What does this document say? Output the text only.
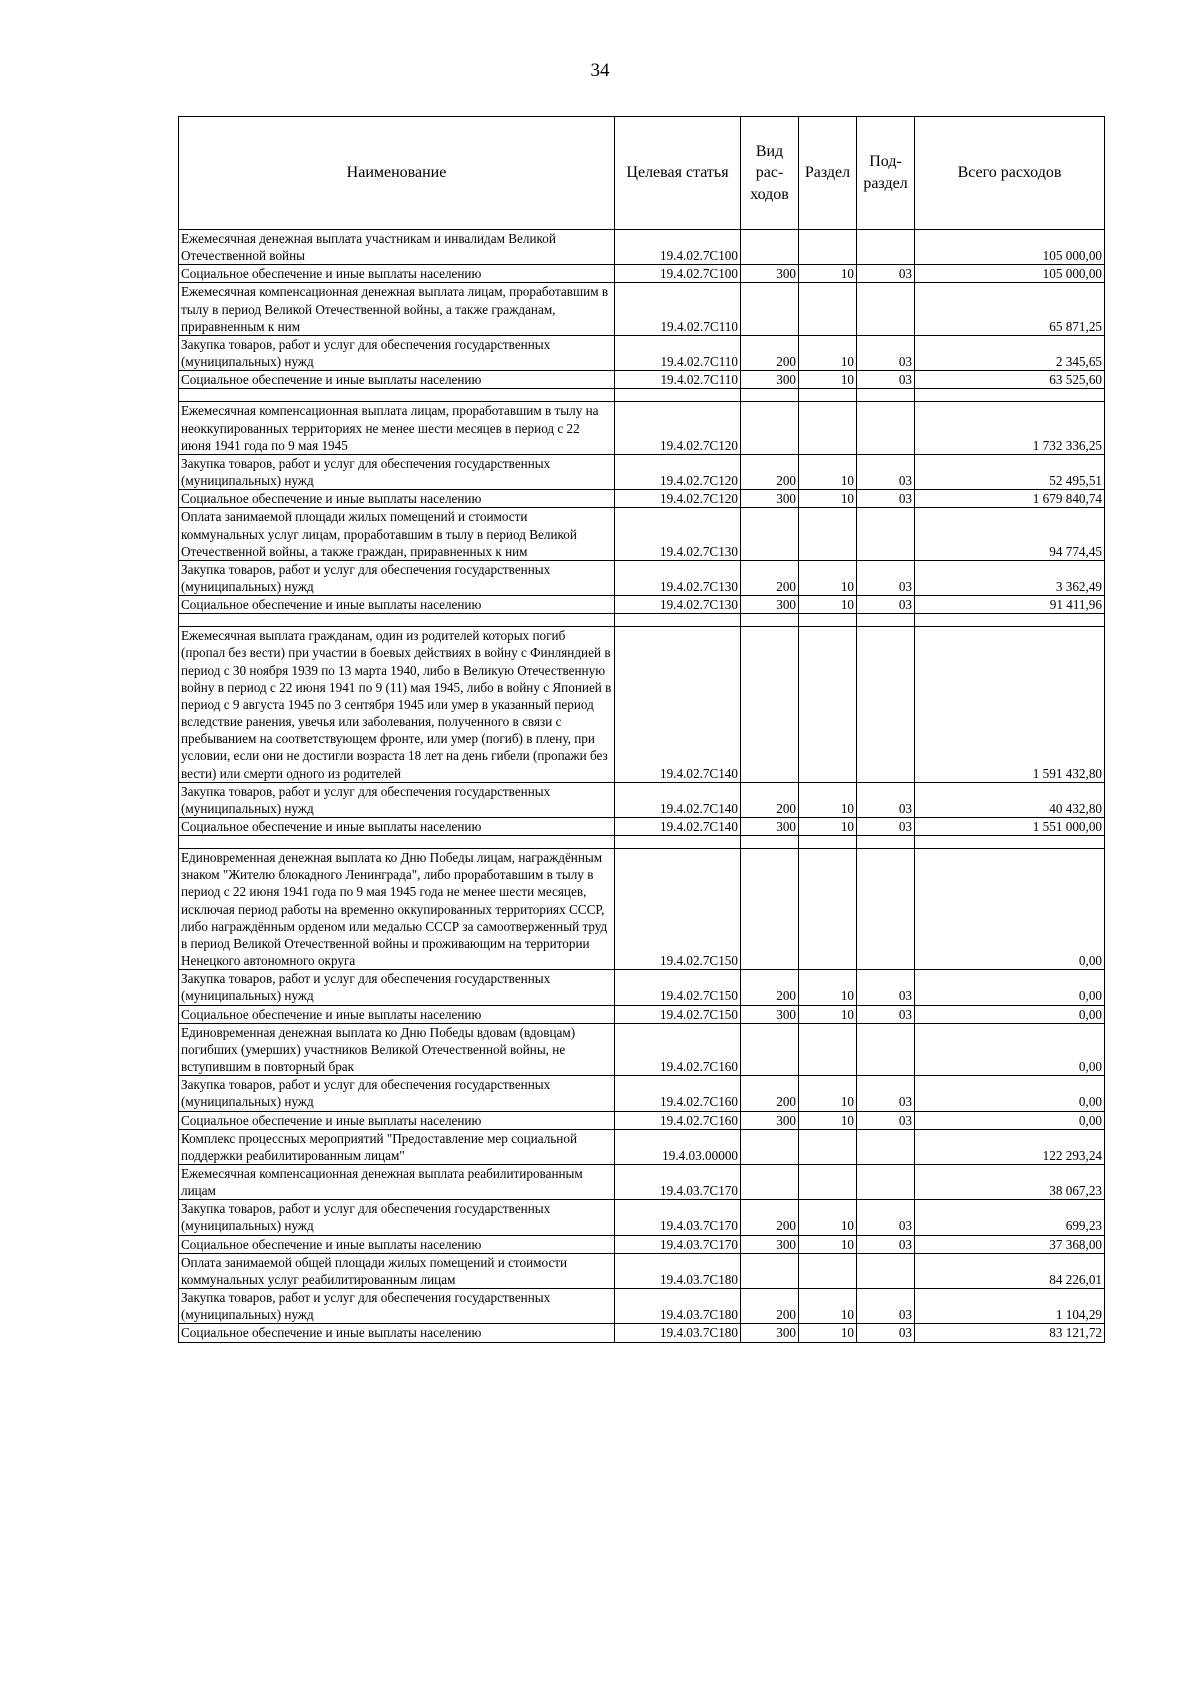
34
Наименование	Целевая статья	Вид рас- ходов	Раздел	Под- раздел	Всего расходов
Ежемесячная денежная выплата участникам и инвалидам Великой Отечественной войны	19.4.02.7С100				105 000,00
Социальное обеспечение и иные выплаты населению	19.4.02.7С100	300	10	03	105 000,00
Ежемесячная компенсационная денежная выплата лицам, проработавшим в тылу в период Великой Отечественной войны, а также гражданам, приравненным к ним	19.4.02.7С110				65 871,25
Закупка товаров, работ и услуг для обеспечения государственных (муниципальных) нужд	19.4.02.7С110	200	10	03	2 345,65
Социальное обеспечение и иные выплаты населению	19.4.02.7С110	300	10	03	63 525,60

Ежемесячная компенсационная выплата лицам, проработавшим в тылу на неоккупированных территориях не менее шести месяцев в период с 22 июня 1941 года по 9 мая 1945	19.4.02.7С120				1 732 336,25
Закупка товаров, работ и услуг для обеспечения государственных (муниципальных) нужд	19.4.02.7С120	200	10	03	52 495,51
Социальное обеспечение и иные выплаты населению	19.4.02.7С120	300	10	03	1 679 840,74
Оплата занимаемой площади жилых помещений и стоимости коммунальных услуг лицам, проработавшим в тылу в период Великой Отечественной войны, а также граждан, приравненных к ним	19.4.02.7С130				94 774,45
Закупка товаров, работ и услуг для обеспечения государственных (муниципальных) нужд	19.4.02.7С130	200	10	03	3 362,49
Социальное обеспечение и иные выплаты населению	19.4.02.7С130	300	10	03	91 411,96

Ежемесячная выплата гражданам, один из родителей которых погиб (пропал без вести) при участии в боевых действиях в войну с Финляндией в период с 30 ноября 1939 по 13 марта 1940, либо в Великую Отечественную войну в период с 22 июня 1941 по 9 (11) мая 1945, либо в войну с Японией в период с 9 августа 1945 по 3 сентября 1945 или умер в указанный период вследствие ранения, увечья или заболевания, полученного в связи с пребыванием на соответствующем фронте, или умер (погиб) в плену, при условии, если они не достигли возраста 18 лет на день гибели (пропажи без вести) или смерти одного из родителей	19.4.02.7С140				1 591 432,80
Закупка товаров, работ и услуг для обеспечения государственных (муниципальных) нужд	19.4.02.7С140	200	10	03	40 432,80
Социальное обеспечение и иные выплаты населению	19.4.02.7С140	300	10	03	1 551 000,00

Единовременная денежная выплата ко Дню Победы лицам, награждённым знаком "Жителю блокадного Ленинграда", либо проработавшим в тылу в период с 22 июня 1941 года по 9 мая 1945 года не менее шести месяцев, исключая период работы на временно оккупированных территориях СССР, либо награждённым орденом или медалью СССР за самоотверженный труд в период Великой Отечественной войны и проживающим на территории Ненецкого автономного округа	19.4.02.7С150				0,00
Закупка товаров, работ и услуг для обеспечения государственных (муниципальных) нужд	19.4.02.7С150	200	10	03	0,00
Социальное обеспечение и иные выплаты населению	19.4.02.7С150	300	10	03	0,00
Единовременная денежная выплата ко Дню Победы вдовам (вдовцам) погибших (умерших) участников Великой Отечественной войны, не вступившим в повторный брак	19.4.02.7С160				0,00
Закупка товаров, работ и услуг для обеспечения государственных (муниципальных) нужд	19.4.02.7С160	200	10	03	0,00
Социальное обеспечение и иные выплаты населению	19.4.02.7С160	300	10	03	0,00
Комплекс процессных мероприятий "Предоставление мер социальной поддержки реабилитированным лицам"	19.4.03.00000				122 293,24
Ежемесячная компенсационная денежная выплата реабилитированным лицам	19.4.03.7С170				38 067,23
Закупка товаров, работ и услуг для обеспечения государственных (муниципальных) нужд	19.4.03.7С170	200	10	03	699,23
Социальное обеспечение и иные выплаты населению	19.4.03.7С170	300	10	03	37 368,00
Оплата занимаемой общей площади жилых помещений и стоимости коммунальных услуг реабилитированным лицам	19.4.03.7С180				84 226,01
Закупка товаров, работ и услуг для обеспечения государственных (муниципальных) нужд	19.4.03.7С180	200	10	03	1 104,29
Социальное обеспечение и иные выплаты населению	19.4.03.7С180	300	10	03	83 121,72
